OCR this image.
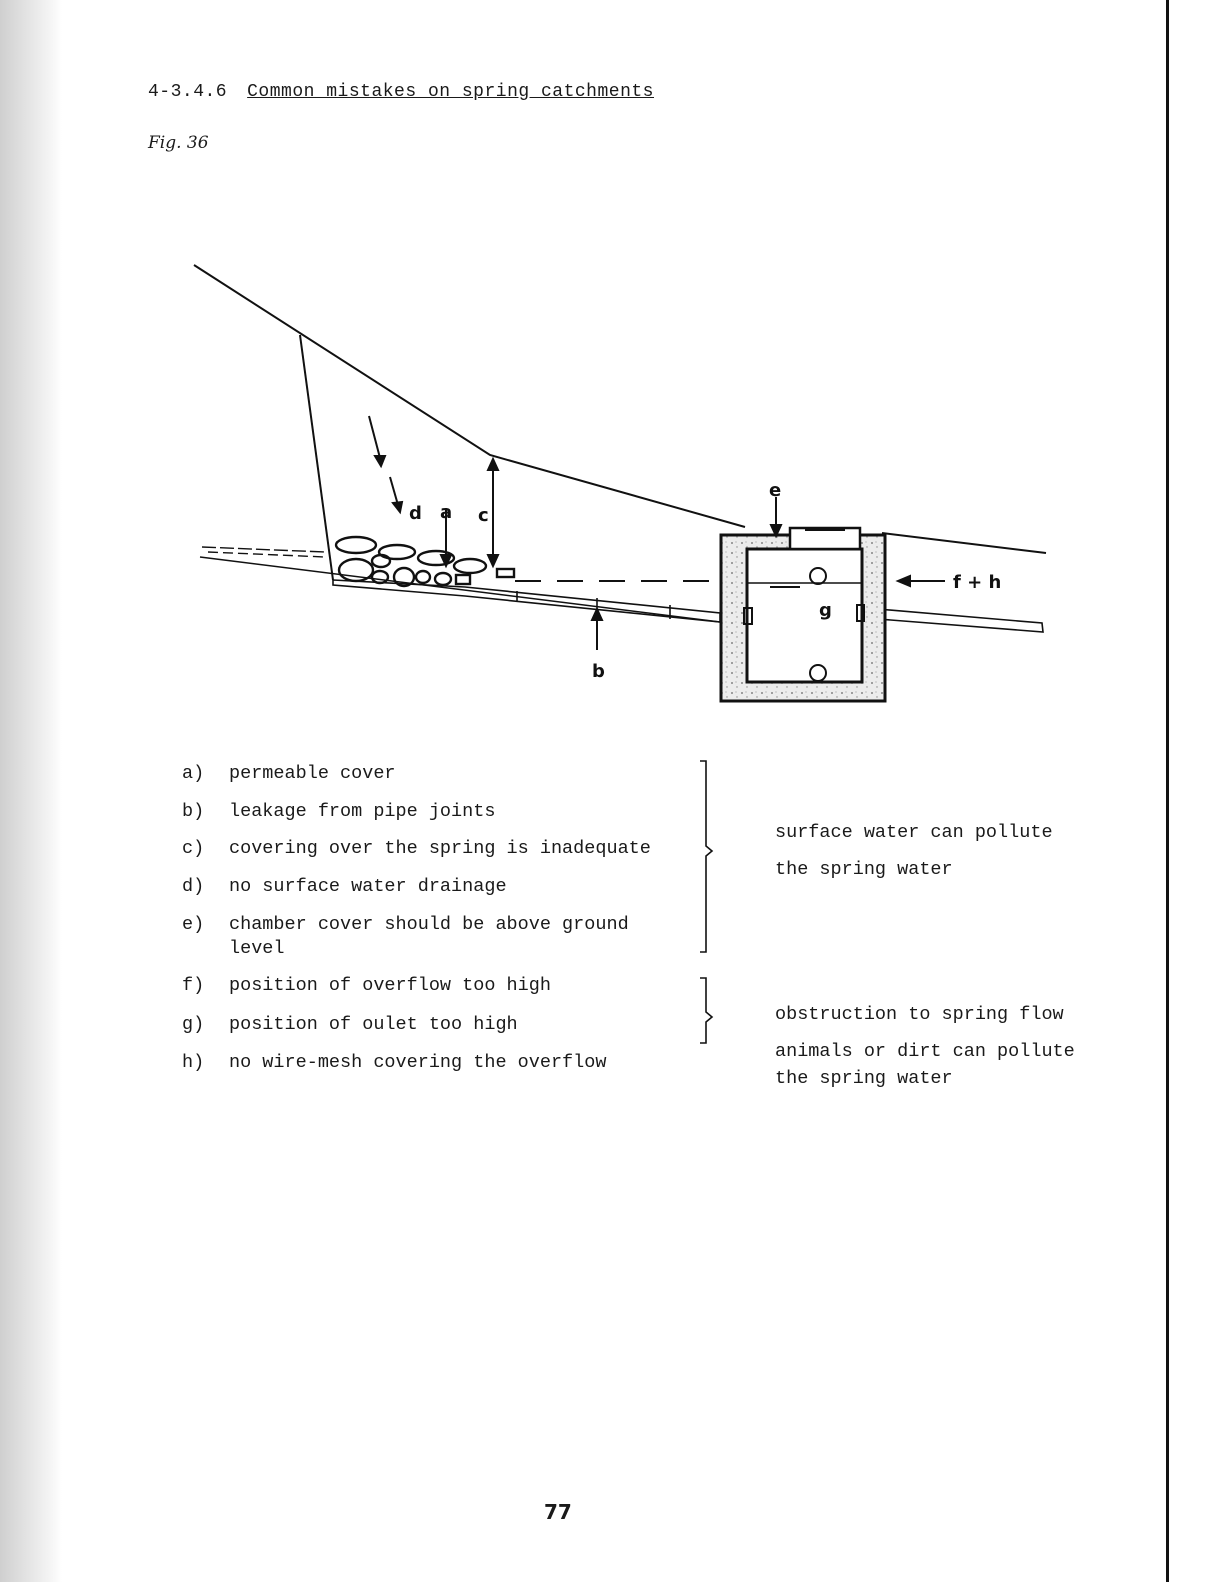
4-3.4.6 Common mistakes on spring catchments
Fig. 36
d a c
b
e
g
f + h
a)	permeable cover
b)	leakage from pipe joints
c)	covering over the spring is inadequate
d)	no surface water drainage
e)	chamber cover should be above ground level
f)	position of overflow too high
g)	position of oulet too high
h)	no wire-mesh covering the overflow
surface water can pollute the spring water
obstruction to spring flow
animals or dirt can pollute the spring water
77
